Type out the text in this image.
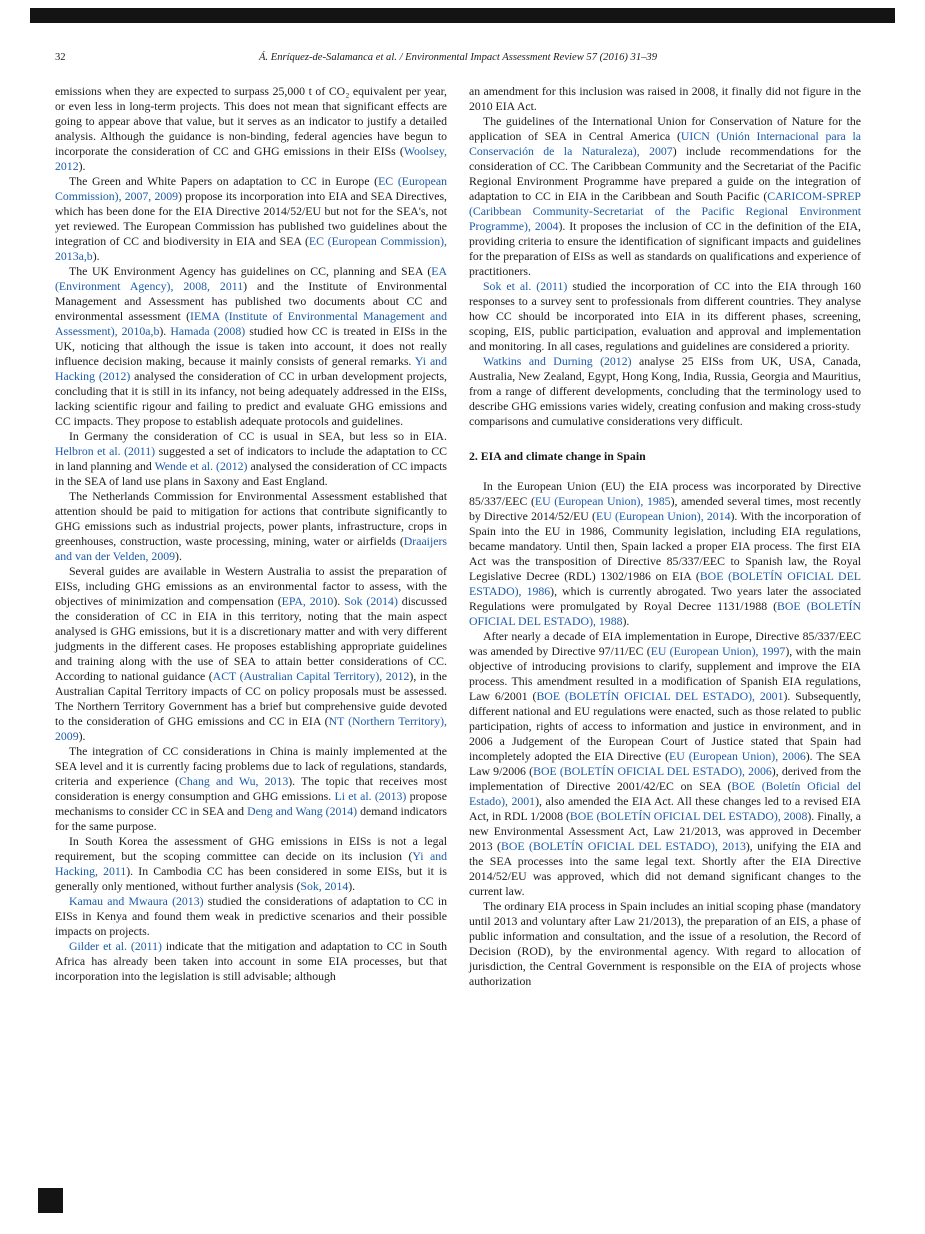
32	Á. Enríquez-de-Salamanca et al. / Environmental Impact Assessment Review 57 (2016) 31–39

emissions when they are expected to surpass 25,000 t of CO₂ equivalent per year, or even less in long-term projects. This does not mean that significant effects are going to appear above that value, but it serves as an indicator to justify a detailed analysis. Although the guidance is non-binding, federal agencies have begun to incorporate the consideration of CC and GHG emissions in their EISs (Woolsey, 2012).

The Green and White Papers on adaptation to CC in Europe (EC (European Commission), 2007, 2009) propose its incorporation into EIA and SEA Directives, which has been done for the EIA Directive 2014/52/EU but not for the SEA's, not yet reviewed. The European Commission has published two guidelines about the integration of CC and biodiversity in EIA and SEA (EC (European Commission), 2013a,b).

The UK Environment Agency has guidelines on CC, planning and SEA (EA (Environment Agency), 2008, 2011) and the Institute of Environmental Management and Assessment has published two documents about CC and environmental assessment (IEMA (Institute of Environmental Management and Assessment), 2010a,b). Hamada (2008) studied how CC is treated in EISs in the UK, noticing that although the issue is taken into account, it does not really influence decision making, because it mainly consists of general remarks. Yi and Hacking (2012) analysed the consideration of CC in urban development projects, concluding that it is still in its infancy, not being adequately addressed in the EISs, lacking scientific rigour and failing to predict and evaluate GHG emissions and CC impacts. They propose to establish adequate protocols and guidelines.

In Germany the consideration of CC is usual in SEA, but less so in EIA. Helbron et al. (2011) suggested a set of indicators to include the adaptation to CC in land planning and Wende et al. (2012) analysed the consideration of CC impacts in the SEA of land use plans in Saxony and East England.

The Netherlands Commission for Environmental Assessment established that attention should be paid to mitigation for actions that contribute significantly to GHG emissions such as industrial projects, power plants, infrastructure, crops in greenhouses, construction, waste processing, mining, water or airfields (Draaijers and van der Velden, 2009).

Several guides are available in Western Australia to assist the preparation of EISs, including GHG emissions as an environmental factor to assess, with the objectives of minimization and compensation (EPA, 2010). Sok (2014) discussed the consideration of CC in EIA in this territory, noting that the main aspect analysed is GHG emissions, but it is a discretionary matter and with very different judgments in the different cases. He proposes establishing appropriate guidelines and training along with the use of SEA to attain better considerations of CC. According to national guidance (ACT (Australian Capital Territory), 2012), in the Australian Capital Territory impacts of CC on policy proposals must be assessed. The Northern Territory Government has a brief but comprehensive guide devoted to the consideration of GHG emissions and CC in EIA (NT (Northern Territory), 2009).

The integration of CC considerations in China is mainly implemented at the SEA level and it is currently facing problems due to lack of regulations, standards, criteria and experience (Chang and Wu, 2013). The topic that receives most consideration is energy consumption and GHG emissions. Li et al. (2013) propose mechanisms to consider CC in SEA and Deng and Wang (2014) demand indicators for the same purpose.

In South Korea the assessment of GHG emissions in EISs is not a legal requirement, but the scoping committee can decide on its inclusion (Yi and Hacking, 2011). In Cambodia CC has been considered in some EISs, but it is generally only mentioned, without further analysis (Sok, 2014).

Kamau and Mwaura (2013) studied the considerations of adaptation to CC in EISs in Kenya and found them weak in predictive scenarios and their possible impacts on projects.

Gilder et al. (2011) indicate that the mitigation and adaptation to CC in South Africa has already been taken into account in some EIA processes, but that incorporation into the legislation is still advisable; although

an amendment for this inclusion was raised in 2008, it finally did not figure in the 2010 EIA Act.

The guidelines of the International Union for Conservation of Nature for the application of SEA in Central America (UICN (Unión Internacional para la Conservación de la Naturaleza), 2007) include recommendations for the consideration of CC. The Caribbean Community and the Secretariat of the Pacific Regional Environment Programme have prepared a guide on the integration of adaptation to CC in EIA in the Caribbean and South Pacific (CARICOM-SPREP (Caribbean Community-Secretariat of the Pacific Regional Environment Programme), 2004). It proposes the inclusion of CC in the definition of the EIA, providing criteria to ensure the identification of significant impacts and guidelines for the preparation of EISs as well as standards on qualifications and experience of practitioners.

Sok et al. (2011) studied the incorporation of CC into the EIA through 160 responses to a survey sent to professionals from different countries. They analyse how CC should be incorporated into EIA in its different phases, screening, scoping, EIS, public participation, evaluation and approval and implementation and monitoring. In all cases, regulations and guidelines are considered a priority.

Watkins and Durning (2012) analyse 25 EISs from UK, USA, Canada, Australia, New Zealand, Egypt, Hong Kong, India, Russia, Georgia and Mauritius, from a range of different developments, concluding that the terminology used to describe GHG emissions varies widely, creating confusion and making cross-study comparisons and cumulative considerations very difficult.

2. EIA and climate change in Spain

In the European Union (EU) the EIA process was incorporated by Directive 85/337/EEC (EU (European Union), 1985), amended several times, most recently by Directive 2014/52/EU (EU (European Union), 2014). With the incorporation of Spain into the EU in 1986, Community legislation, including EIA regulations, became mandatory. Until then, Spain lacked a proper EIA process. The first EIA Act was the transposition of Directive 85/337/EEC to Spanish law, the Royal Legislative Decree (RDL) 1302/1986 on EIA (BOE (BOLETÍN OFICIAL DEL ESTADO), 1986), which is currently abrogated. Two years later the associated Regulations were promulgated by Royal Decree 1131/1988 (BOE (BOLETÍN OFICIAL DEL ESTADO), 1988).

After nearly a decade of EIA implementation in Europe, Directive 85/337/EEC was amended by Directive 97/11/EC (EU (European Union), 1997), with the main objective of introducing provisions to clarify, supplement and improve the EIA process. This amendment resulted in a modification of Spanish EIA regulations, Law 6/2001 (BOE (BOLETÍN OFICIAL DEL ESTADO), 2001). Subsequently, different national and EU regulations were enacted, such as those related to public participation, rights of access to information and justice in environment, and in 2006 a Judgement of the European Court of Justice stated that Spain had incompletely adopted the EIA Directive (EU (European Union), 2006). The SEA Law 9/2006 (BOE (BOLETÍN OFICIAL DEL ESTADO), 2006), derived from the implementation of Directive 2001/42/EC on SEA (BOE (Boletín Oficial del Estado), 2001), also amended the EIA Act. All these changes led to a revised EIA Act, in RDL 1/2008 (BOE (BOLETÍN OFICIAL DEL ESTADO), 2008). Finally, a new Environmental Assessment Act, Law 21/2013, was approved in December 2013 (BOE (BOLETÍN OFICIAL DEL ESTADO), 2013), unifying the EIA and the SEA processes into the same legal text. Shortly after the EIA Directive 2014/52/EU was approved, which did not demand significant changes to the current law.

The ordinary EIA process in Spain includes an initial scoping phase (mandatory until 2013 and voluntary after Law 21/2013), the preparation of an EIS, a phase of public information and consultation, and the issue of a resolution, the Record of Decision (ROD), by the environmental agency. With regard to allocation of jurisdiction, the Central Government is responsible on the EIA of projects whose authorization
